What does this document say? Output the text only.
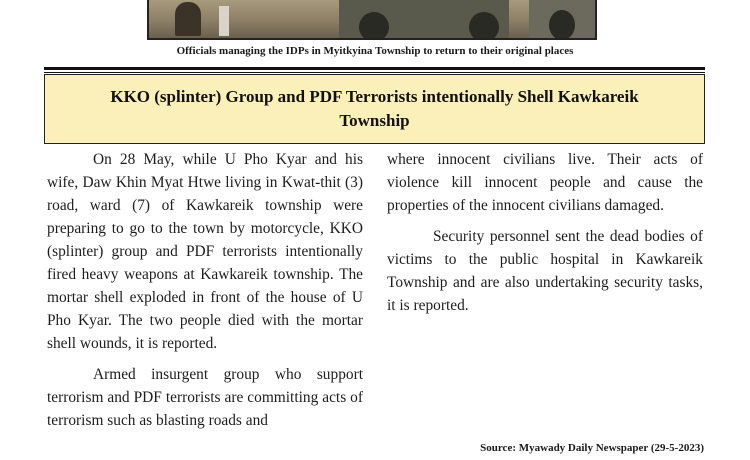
Officials managing the IDPs in Myitkyina Township to return to their original places
KKO (splinter) Group and PDF Terrorists intentionally Shell Kawkareik Township

On 28 May, while U Pho Kyar and his wife, Daw Khin Myat Htwe living in Kwat-thit (3) road, ward (7) of Kawkareik township were preparing to go to the town by motorcycle, KKO (splinter) group and PDF terrorists intentionally fired heavy weapons at Kawkareik township. The mortar shell exploded in front of the house of U Pho Kyar. The two people died with the mortar shell wounds, it is reported.

Armed insurgent group who support terrorism and PDF terrorists are committing acts of terrorism such as blasting roads and

where innocent civilians live. Their acts of violence kill innocent people and cause the properties of the innocent civilians damaged.

Security personnel sent the dead bodies of victims to the public hospital in Kawkareik Township and are also undertaking security tasks, it is reported.

Source: Myawady Daily Newspaper (29-5-2023)
